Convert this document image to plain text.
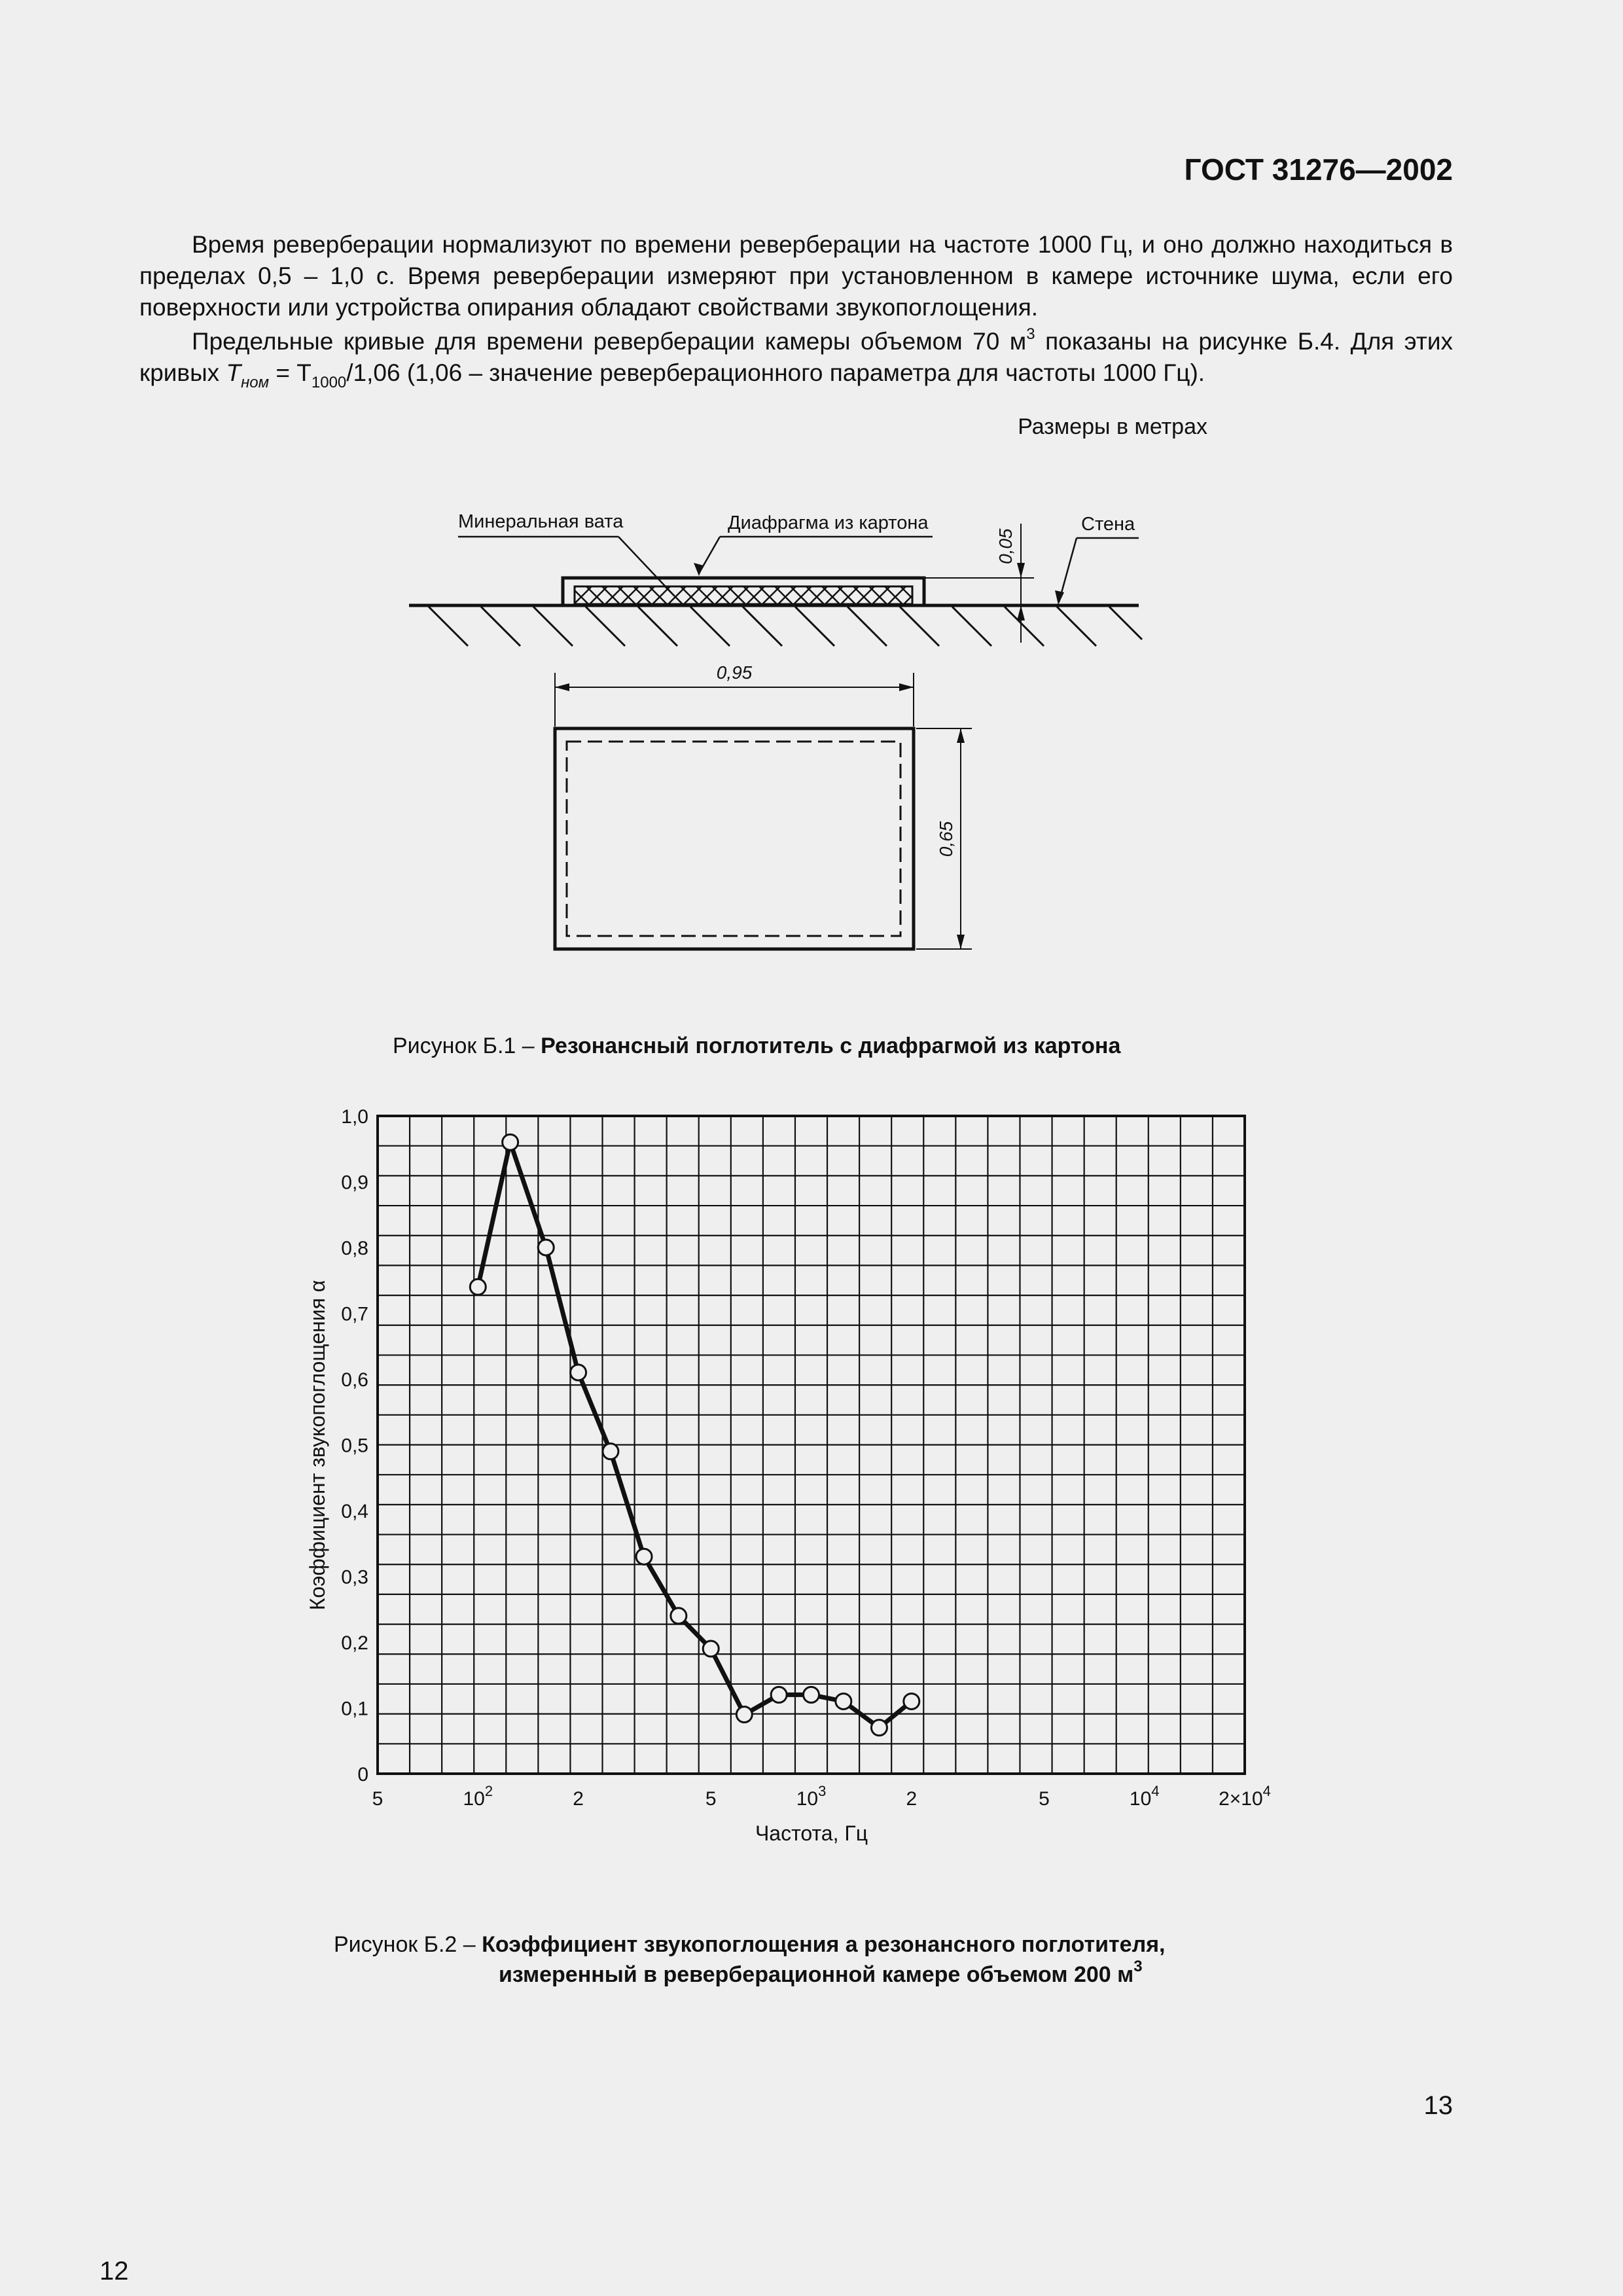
ГОСТ 31276—2002
Время реверберации нормализуют по времени реверберации на частоте 1000 Гц, и оно должно находиться в пределах 0,5 – 1,0 с. Время реверберации измеряют при установленном в камере источнике шума, если его поверхности или устройства опирания обладают свойствами звукопоглощения.
Предельные кривые для времени реверберации камеры объемом 70 $м^3$ показаны на рисунке Б.4. Для этих кривых $T_{ном} = T_{1000}/1,06$ (1,06 – значение реверберационного параметра для частоты 1000 Гц).
Размеры в метрах
Минеральная вата	Диафрагма из картона	Стена
0,05
0,95
0,65
Рисунок Б.1 – Резонансный поглотитель с диафрагмой из картона
0
0,1
0,2
0,3
0,4
0,5
0,6
0,7
0,8
0,9
1,0
5	$10^2$	2	5	$10^3$	2	5	$10^4$	$2\times 10^4$
Коэффициент звукопоглощения α
Частота, Гц
Рисунок Б.2 – Коэффициент звукопоглощения а резонансного поглотителя,
измеренный в реверберационной камере объемом 200 $м^3$
13
12
